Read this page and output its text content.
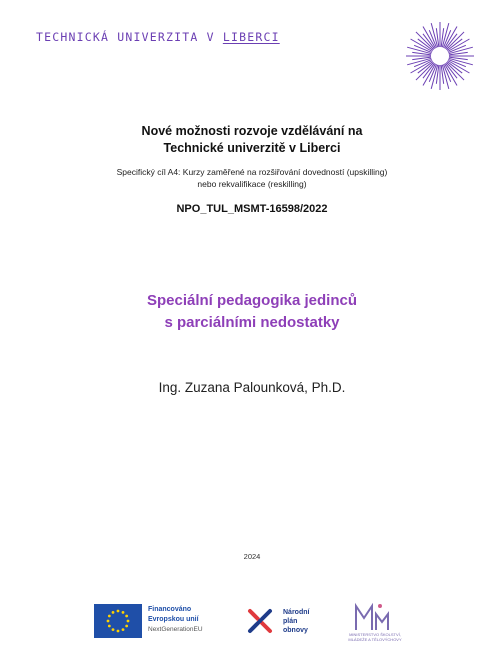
TECHNICKÁ UNIVERZITA V LIBERCI
Nové možnosti rozvoje vzdělávání na
Technické univerzitě v Liberci
Specifický cíl A4: Kurzy zaměřené na rozšiřování dovedností (upskilling)
nebo rekvalifikace (reskilling)
NPO_TUL_MSMT-16598/2022
Speciální pedagogika jedinců
s parciálními nedostatky
Ing. Zuzana Palounková, Ph.D.
2024
Financováno
Evropskou unií
NextGenerationEU
Národní
plán
obnovy
MINISTERSTVO ŠKOLSTVÍ,
MLÁDEŽE A TĚLOVÝCHOVY
